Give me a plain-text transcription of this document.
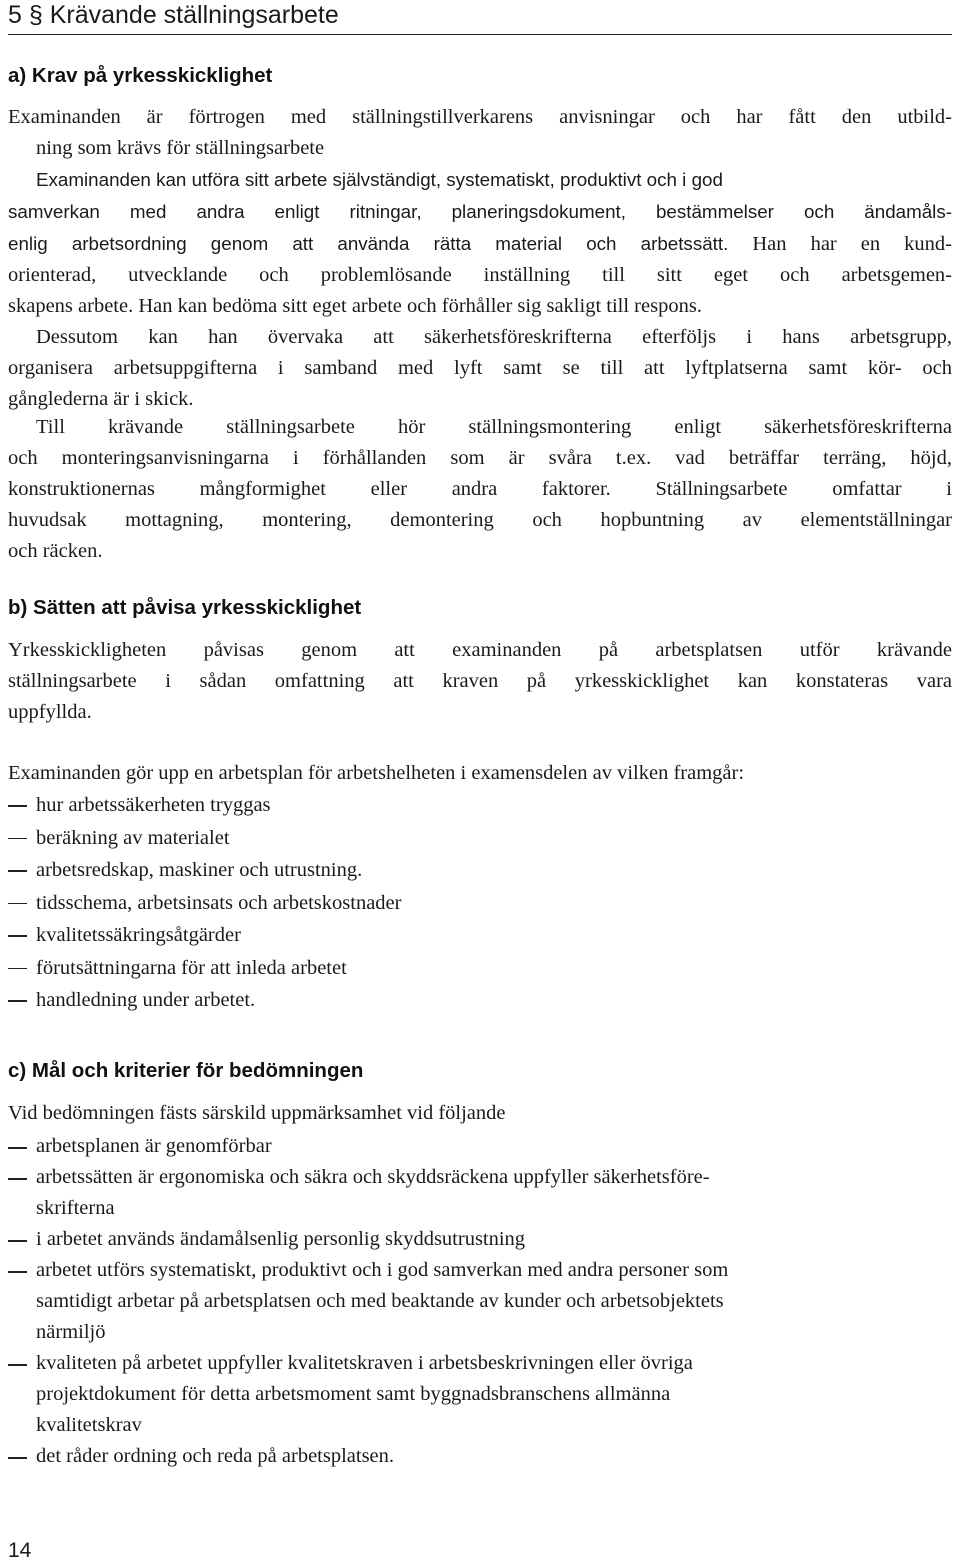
5 § Krävande ställningsarbete
a) Krav på yrkesskicklighet
Examinanden är förtrogen med ställningstillverkarens anvisningar och har fått den utbild-
ning som krävs för ställningsarbete
Examinanden kan utföra sitt arbete självständigt, systematiskt, produktivt och i god
samverkan med andra enligt ritningar, planeringsdokument, bestämmelser och ändamåls-
enlig arbetsordning genom att använda rätta material och arbetssätt. Han har en kund-
orienterad, utvecklande och problemlösande inställning till sitt eget och arbetsgemen-
skapens arbete. Han kan bedöma sitt eget arbete och förhåller sig sakligt till respons.
Dessutom kan han övervaka att säkerhetsföreskrifterna efterföljs i hans arbetsgrupp,
organisera arbetsuppgifterna i samband med lyft samt se till att lyftplatserna samt kör- och
gånglederna är i skick.
Till krävande ställningsarbete hör ställningsmontering enligt säkerhetsföreskrifterna
och monteringsanvisningarna i förhållanden som är svåra t.ex. vad beträffar terräng, höjd,
konstruktionernas mångformighet eller andra faktorer. Ställningsarbete omfattar i
huvudsak mottagning, montering, demontering och hopbuntning av elementställningar
och räcken.
b) Sätten att påvisa yrkesskicklighet
Yrkesskickligheten påvisas genom att examinanden på arbetsplatsen utför krävande
ställningsarbete i sådan omfattning att kraven på yrkesskicklighet kan konstateras vara
uppfyllda.
Examinanden gör upp en arbetsplan för arbetshelheten i examensdelen av vilken framgår:
hur arbetssäkerheten tryggas
beräkning av materialet
arbetsredskap, maskiner och utrustning.
tidsschema, arbetsinsats och arbetskostnader
kvalitetssäkringsåtgärder
förutsättningarna för att inleda arbetet
handledning under arbetet.
c) Mål och kriterier för bedömningen
Vid bedömningen fästs särskild uppmärksamhet vid följande
arbetsplanen är genomförbar
arbetssätten är ergonomiska och säkra och skyddsräckena uppfyller säkerhetsföre-
skrifterna
i arbetet används ändamålsenlig personlig skyddsutrustning
arbetet utförs systematiskt, produktivt och i god samverkan med andra personer som
samtidigt arbetar på arbetsplatsen och med beaktande av kunder och arbetsobjektets
närmiljö
kvaliteten på arbetet uppfyller kvalitetskraven i arbetsbeskrivningen eller övriga
projektdokument för detta arbetsmoment samt byggnadsbranschens allmänna
kvalitetskrav
det råder ordning och reda på arbetsplatsen.
14
